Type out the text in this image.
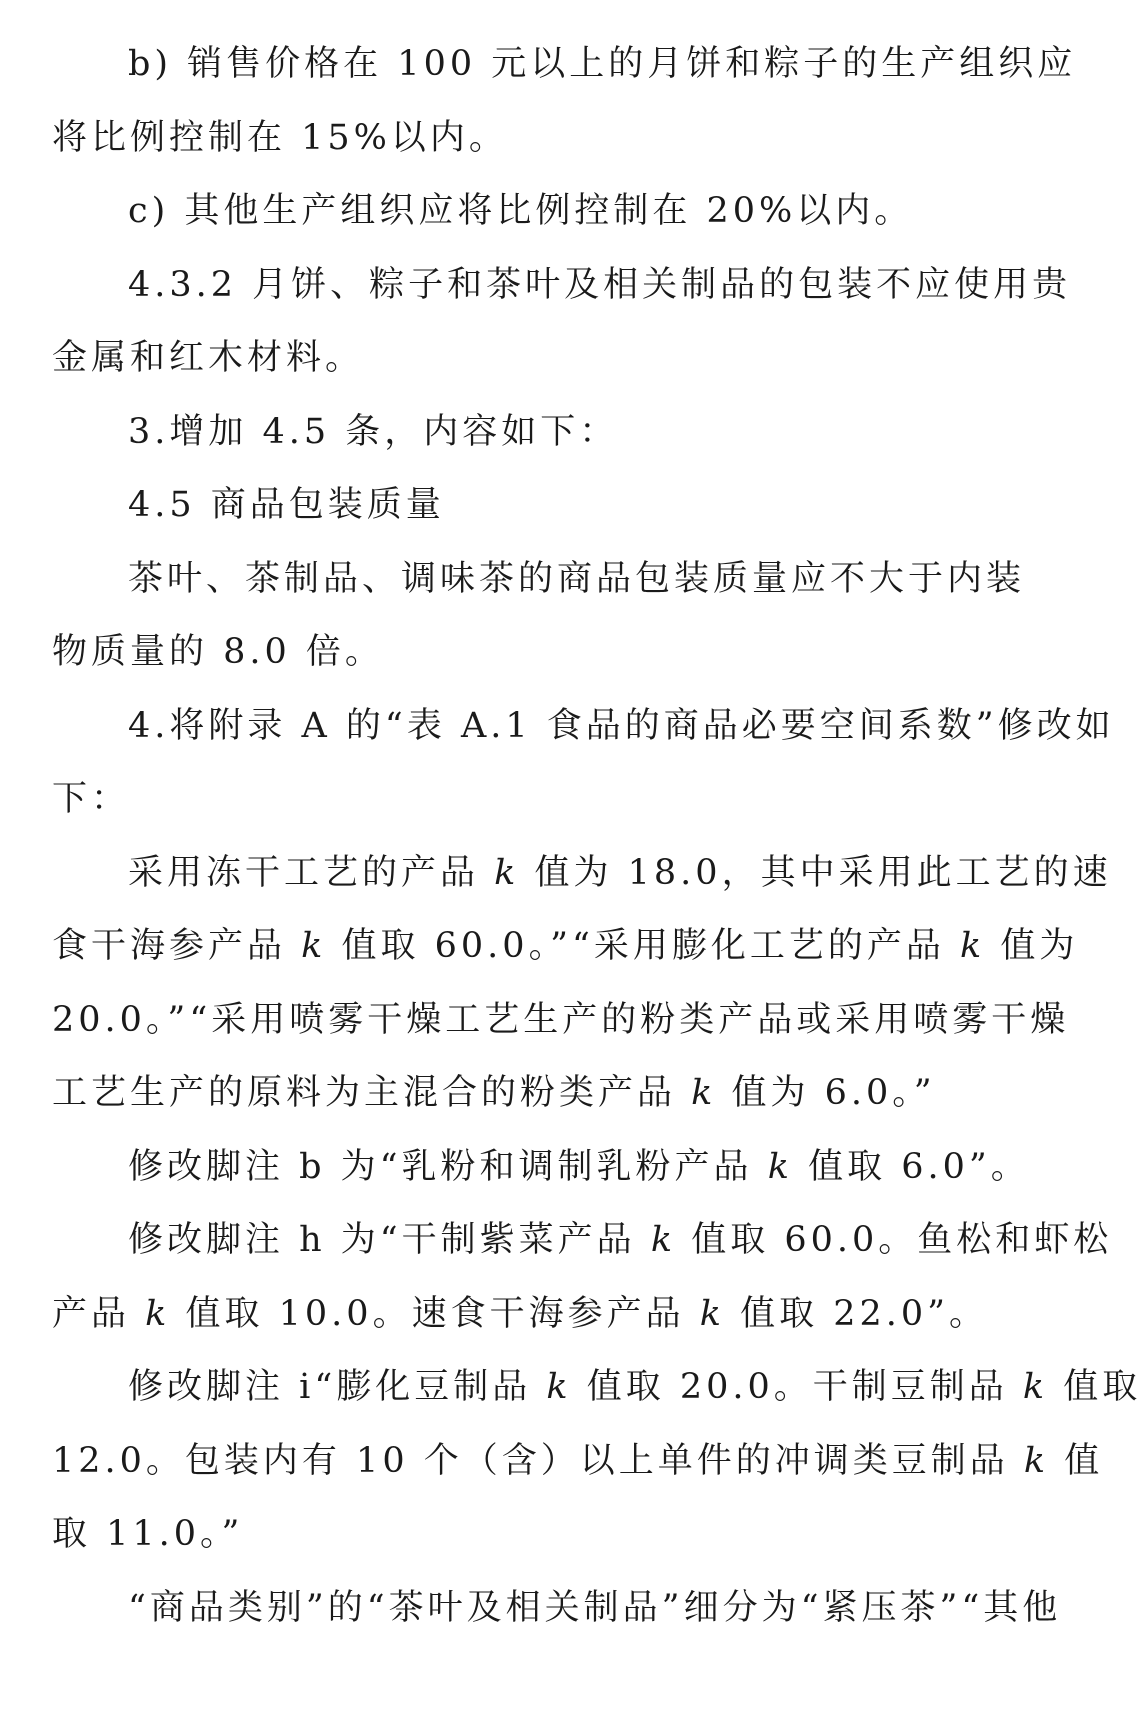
b) 销售价格在 100 元以上的月饼和粽子的生产组织应
将比例控制在 15%以内。
c) 其他生产组织应将比例控制在 20%以内。
4.3.2 月饼、粽子和茶叶及相关制品的包装不应使用贵
金属和红木材料。
3.增加 4.5 条，内容如下：
4.5 商品包装质量
茶叶、茶制品、调味茶的商品包装质量应不大于内装
物质量的 8.0 倍。
4.将附录 A 的“表 A.1 食品的商品必要空间系数”修改如
下：
采用冻干工艺的产品 k 值为 18.0，其中采用此工艺的速
食干海参产品 k 值取 60.0。”“采用膨化工艺的产品 k 值为
20.0。”“采用喷雾干燥工艺生产的粉类产品或采用喷雾干燥
工艺生产的原料为主混合的粉类产品 k 值为 6.0。”
修改脚注 b 为“乳粉和调制乳粉产品 k 值取 6.0”。
修改脚注 h 为“干制紫菜产品 k 值取 60.0。鱼松和虾松
产品 k 值取 10.0。速食干海参产品 k 值取 22.0”。
修改脚注 i“膨化豆制品 k 值取 20.0。干制豆制品 k 值取
12.0。包装内有 10 个（含）以上单件的冲调类豆制品 k 值
取 11.0。”
“商品类别”的“茶叶及相关制品”细分为“紧压茶”“其他
